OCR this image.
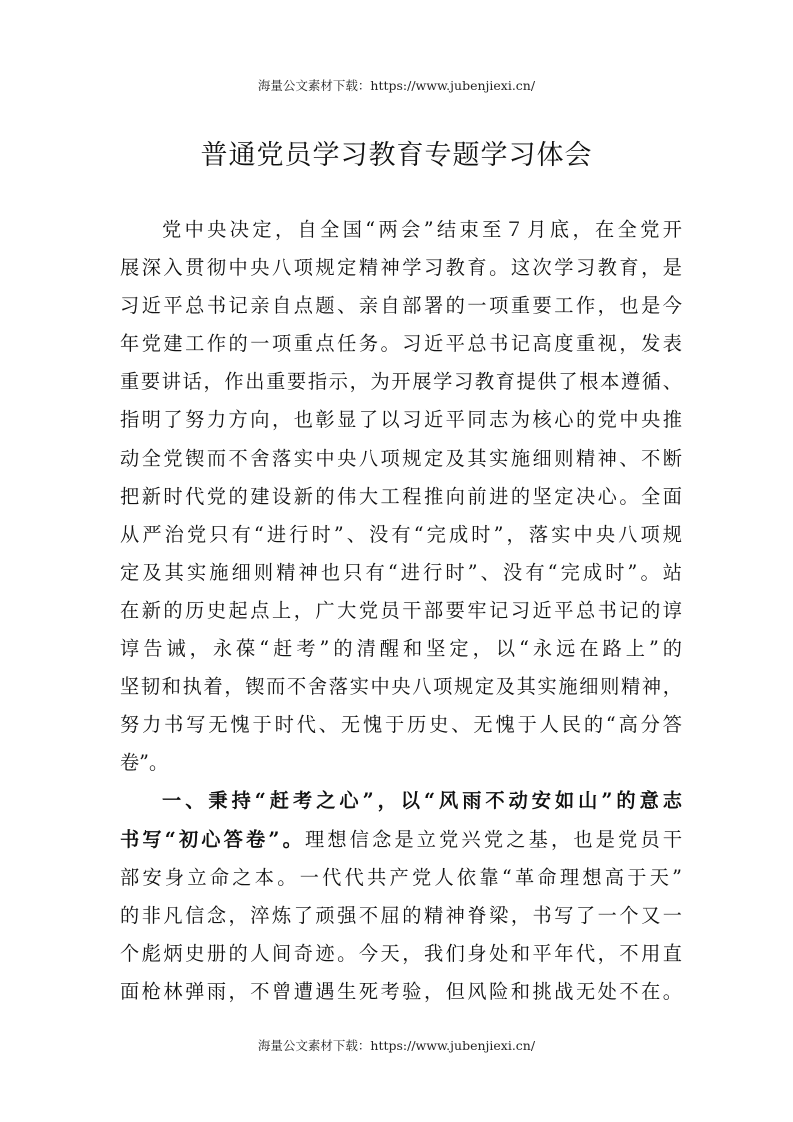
海量公文素材下载：https://www.jubenjiexi.cn/
普通党员学习教育专题学习体会
党中央决定，自全国“两会”结束至７月底，在全党开
展深入贯彻中央八项规定精神学习教育。这次学习教育，是
习近平总书记亲自点题、亲自部署的一项重要工作，也是今
年党建工作的一项重点任务。习近平总书记高度重视，发表
重要讲话，作出重要指示，为开展学习教育提供了根本遵循、
指明了努力方向，也彰显了以习近平同志为核心的党中央推
动全党锲而不舍落实中央八项规定及其实施细则精神、不断
把新时代党的建设新的伟大工程推向前进的坚定决心。全面
从严治党只有“进行时”、没有“完成时”，落实中央八项规
定及其实施细则精神也只有“进行时”、没有“完成时”。站
在新的历史起点上，广大党员干部要牢记习近平总书记的谆
谆告诫，永葆“赶考”的清醒和坚定，以“永远在路上”的
坚韧和执着，锲而不舍落实中央八项规定及其实施细则精神，
努力书写无愧于时代、无愧于历史、无愧于人民的“高分答
卷”。
一、秉持“赶考之心”，以“风雨不动安如山”的意志
书写“初心答卷”。理想信念是立党兴党之基，也是党员干
部安身立命之本。一代代共产党人依靠“革命理想高于天”
的非凡信念，淬炼了顽强不屈的精神脊梁，书写了一个又一
个彪炳史册的人间奇迹。今天，我们身处和平年代，不用直
面枪林弹雨，不曾遭遇生死考验，但风险和挑战无处不在。
海量公文素材下载：https://www.jubenjiexi.cn/
